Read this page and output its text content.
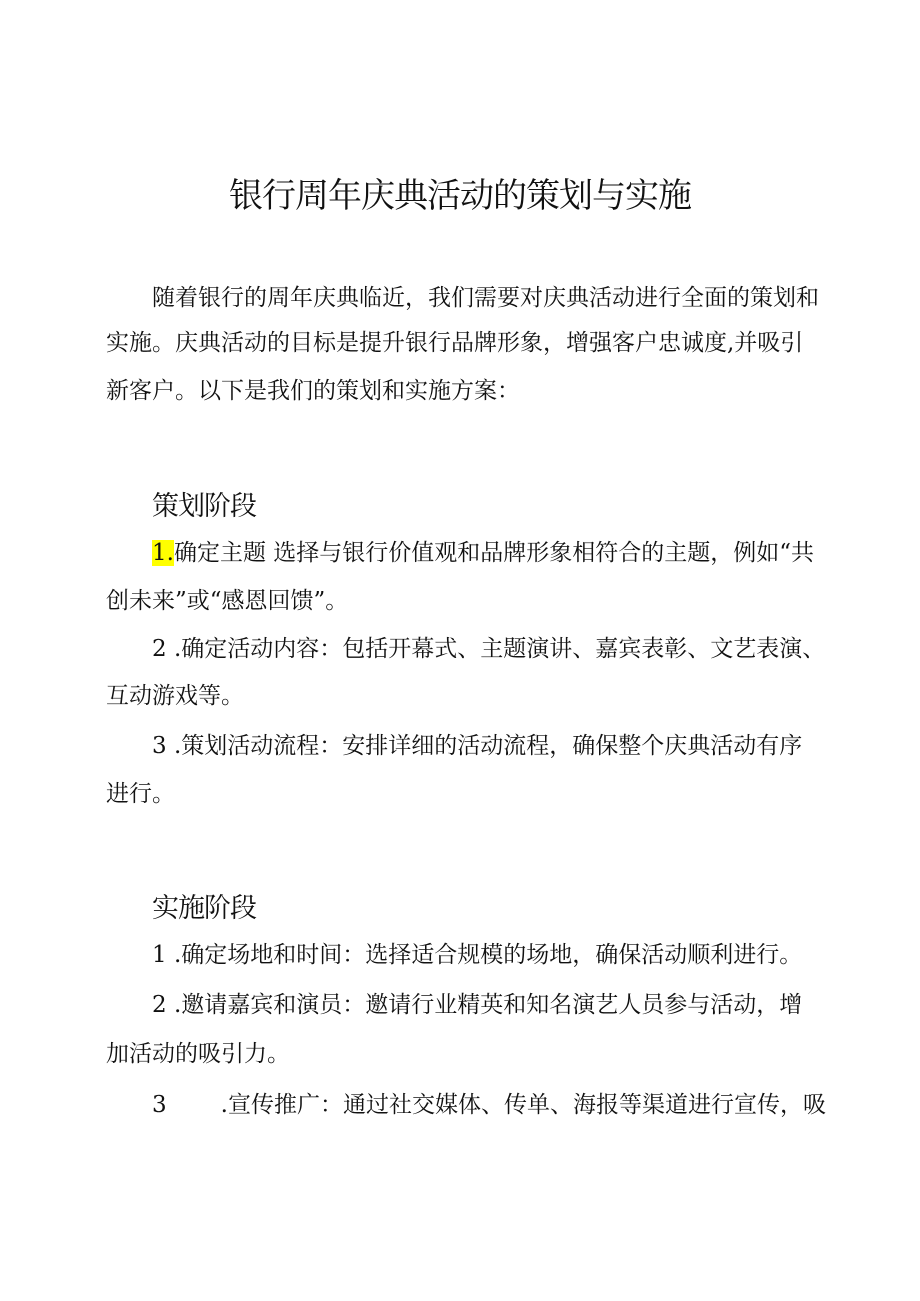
银行周年庆典活动的策划与实施
随着银行的周年庆典临近，我们需要对庆典活动进行全面的策划和
实施。庆典活动的目标是提升银行品牌形象，增强客户忠诚度,并吸引
新客户。以下是我们的策划和实施方案：
策划阶段
1.确定主题 选择与银行价值观和品牌形象相符合的主题，例如“共
创未来”或“感恩回馈”。
2 .确定活动内容：包括开幕式、主题演讲、嘉宾表彰、文艺表演、
互动游戏等。
3 .策划活动流程：安排详细的活动流程，确保整个庆典活动有序
进行。
实施阶段
1 .确定场地和时间：选择适合规模的场地，确保活动顺利进行。
2 .邀请嘉宾和演员：邀请行业精英和知名演艺人员参与活动，增
加活动的吸引力。
3 .宣传推广：通过社交媒体、传单、海报等渠道进行宣传，吸
